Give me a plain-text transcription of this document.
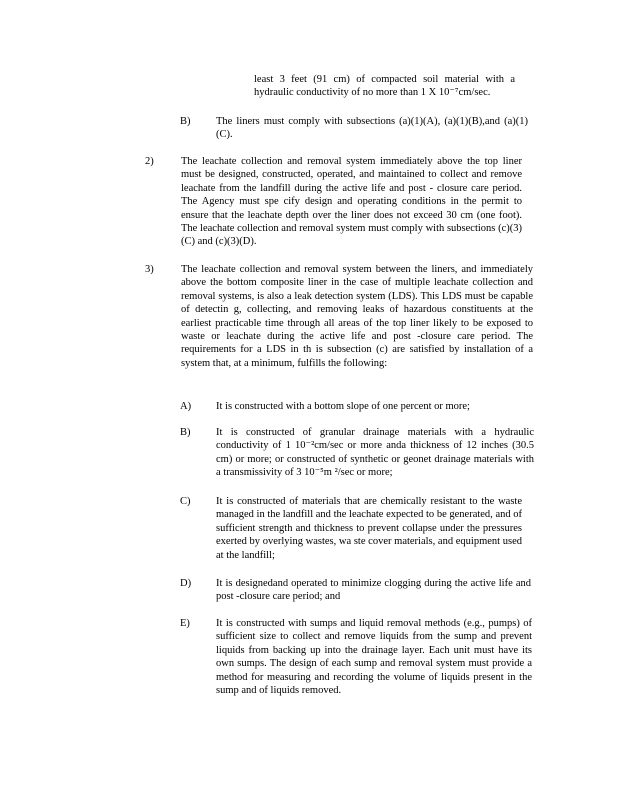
least 3 feet (91 cm) of compacted soil material with a hydraulic conductivity of no more than 1 X 10⁻⁷cm/sec.
B) The liners must comply with subsections (a)(1)(A), (a)(1)(B),and (a)(1)(C).
2)	The leachate collection and removal system immediately above the top liner must be designed, constructed, operated, and maintained to collect and remove leachate from the landfill during the active life and post - closure care period. The Agency must spe cify design and operating conditions in the permit to ensure that the leachate depth over the liner does not exceed 30 cm (one foot). The leachate collection and removal system must comply with subsections (c)(3)(C) and (c)(3)(D).
3)	The leachate collection and removal system between the liners, and immediately above the bottom composite liner in the case of multiple leachate collection and removal systems, is also a leak detection system (LDS). This LDS must be capable of detectin g, collecting, and removing leaks of hazardous constituents at the earliest practicable time through all areas of the top liner likely to be exposed to waste or leachate during the active life and post -closure care period. The requirements for a LDS in th is subsection (c) are satisfied by installation of a system that, at a minimum, fulfills the following:
A) It is constructed with a bottom slope of one percent or more;
B) It is constructed of granular drainage materials with a hydraulic conductivity of 1 10⁻²cm/sec or more anda thickness of 12 inches (30.5 cm) or more; or constructed of synthetic or geonet drainage materials with a transmissivity of 3 10⁻⁵m ²/sec or more;
C) It is constructed of materials that are chemically resistant to the waste managed in the landfill and the leachate expected to be generated, and of sufficient strength and thickness to prevent collapse under the pressures exerted by overlying wastes, wa ste cover materials, and equipment used at the landfill;
D) It is designedand operated to minimize clogging during the active life and post -closure care period; and
E) It is constructed with sumps and liquid removal methods (e.g., pumps) of sufficient size to collect and remove liquids from the sump and prevent liquids from backing up into the drainage layer. Each unit must have its own sumps. The design of each sump and removal system must provide a method for measuring and recording the volume of liquids present in the sump and of liquids removed.
